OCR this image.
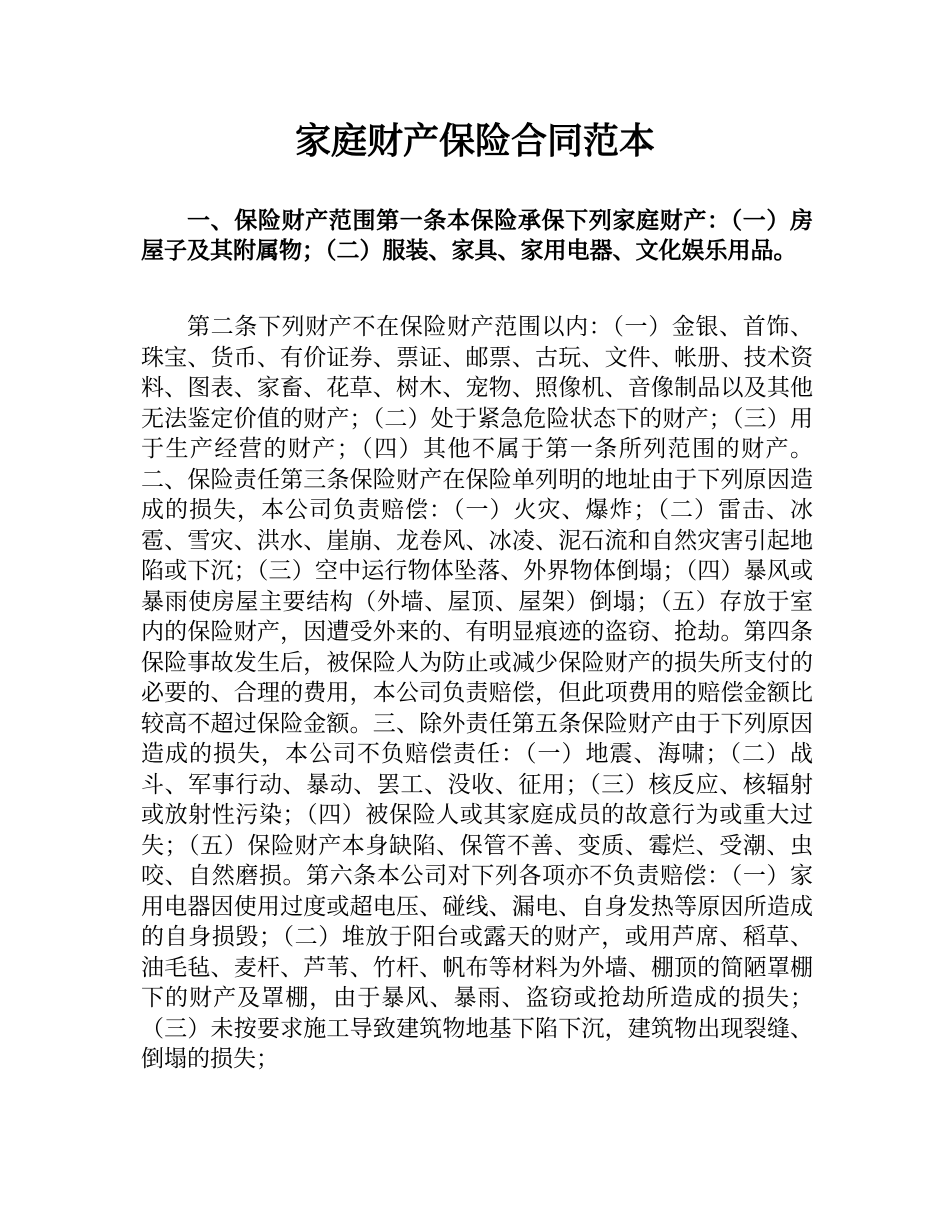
家庭财产保险合同范本

一、保险财产范围第一条本保险承保下列家庭财产：（一）房屋子及其附属物；（二）服装、家具、家用电器、文化娱乐用品。

第二条下列财产不在保险财产范围以内：（一）金银、首饰、珠宝、货币、有价证券、票证、邮票、古玩、文件、帐册、技术资料、图表、家畜、花草、树木、宠物、照像机、音像制品以及其他无法鉴定价值的财产；（二）处于紧急危险状态下的财产；（三）用于生产经营的财产；（四）其他不属于第一条所列范围的财产。二、保险责任第三条保险财产在保险单列明的地址由于下列原因造成的损失，本公司负责赔偿：（一）火灾、爆炸；（二）雷击、冰雹、雪灾、洪水、崖崩、龙卷风、冰凌、泥石流和自然灾害引起地陷或下沉；（三）空中运行物体坠落、外界物体倒塌；（四）暴风或暴雨使房屋主要结构（外墙、屋顶、屋架）倒塌；（五）存放于室内的保险财产，因遭受外来的、有明显痕迹的盗窃、抢劫。第四条保险事故发生后，被保险人为防止或减少保险财产的损失所支付的必要的、合理的费用，本公司负责赔偿，但此项费用的赔偿金额比较高不超过保险金额。三、除外责任第五条保险财产由于下列原因造成的损失，本公司不负赔偿责任：（一）地震、海啸；（二）战斗、军事行动、暴动、罢工、没收、征用；（三）核反应、核辐射或放射性污染；（四）被保险人或其家庭成员的故意行为或重大过失；（五）保险财产本身缺陷、保管不善、变质、霉烂、受潮、虫咬、自然磨损。第六条本公司对下列各项亦不负责赔偿：（一）家用电器因使用过度或超电压、碰线、漏电、自身发热等原因所造成的自身损毁；（二）堆放于阳台或露天的财产，或用芦席、稻草、油毛毡、麦杆、芦苇、竹杆、帆布等材料为外墙、棚顶的简陋罩棚下的财产及罩棚，由于暴风、暴雨、盗窃或抢劫所造成的损失；（三）未按要求施工导致建筑物地基下陷下沉，建筑物出现裂缝、倒塌的损失；
